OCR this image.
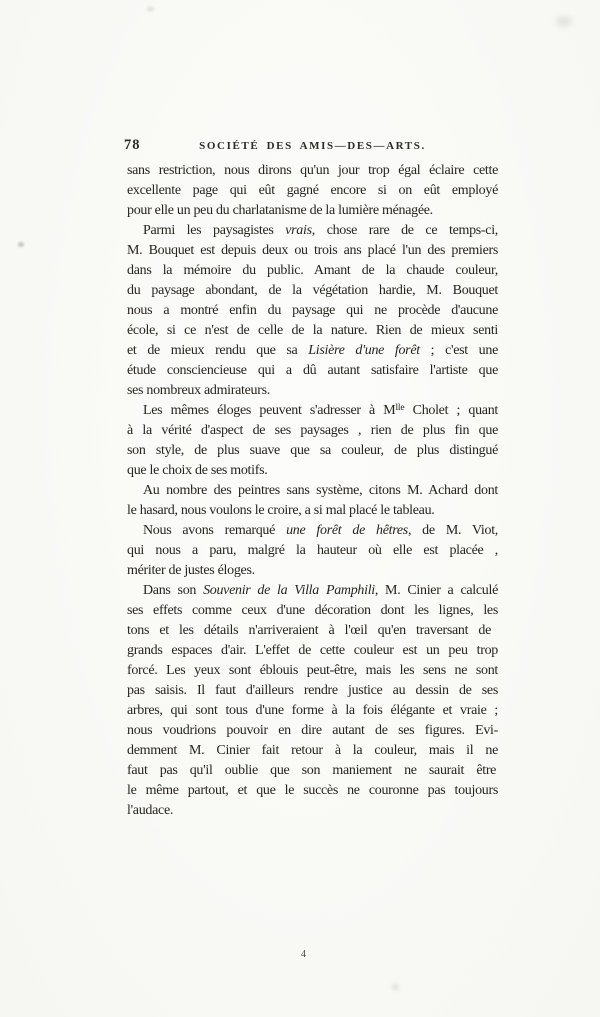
78	SOCIÉTÉ DES AMIS—DES—ARTS.
sans restriction, nous dirons qu'un jour trop égal éclaire cette
excellente page qui eût gagné encore si on eût employé
pour elle un peu du charlatanisme de la lumière ménagée.
Parmi les paysagistes vrais, chose rare de ce temps-ci,
M. Bouquet est depuis deux ou trois ans placé l'un des premiers
dans la mémoire du public. Amant de la chaude couleur,
du paysage abondant, de la végétation hardie, M. Bouquet
nous a montré enfin du paysage qui ne procède d'aucune
école, si ce n'est de celle de la nature. Rien de mieux senti
et de mieux rendu que sa Lisière d'une forêt ; c'est une
étude consciencieuse qui a dû autant satisfaire l'artiste que
ses nombreux admirateurs.
Les mêmes éloges peuvent s'adresser à $M^{lle}$ Cholet ; quant
à la vérité d'aspect de ses paysages , rien de plus fin que
son style, de plus suave que sa couleur, de plus distingué
que le choix de ses motifs.
Au nombre des peintres sans système, citons M. Achard dont
le hasard, nous voulons le croire, a si mal placé le tableau.
Nous avons remarqué une forêt de hêtres, de M. Viot,
qui nous a paru, malgré la hauteur où elle est placée ,
mériter de justes éloges.
Dans son Souvenir de la Villa Pamphili, M. Cinier a calculé
ses effets comme ceux d'une décoration dont les lignes, les
tons et les détails n'arriveraient à l'œil qu'en traversant de
grands espaces d'air. L'effet de cette couleur est un peu trop
forcé. Les yeux sont éblouis peut-être, mais les sens ne sont
pas saisis. Il faut d'ailleurs rendre justice au dessin de ses
arbres, qui sont tous d'une forme à la fois élégante et vraie ;
nous voudrions pouvoir en dire autant de ses figures. Evi-
demment M. Cinier fait retour à la couleur, mais il ne
faut pas qu'il oublie que son maniement ne saurait être
le même partout, et que le succès ne couronne pas toujours
l'audace.
4
